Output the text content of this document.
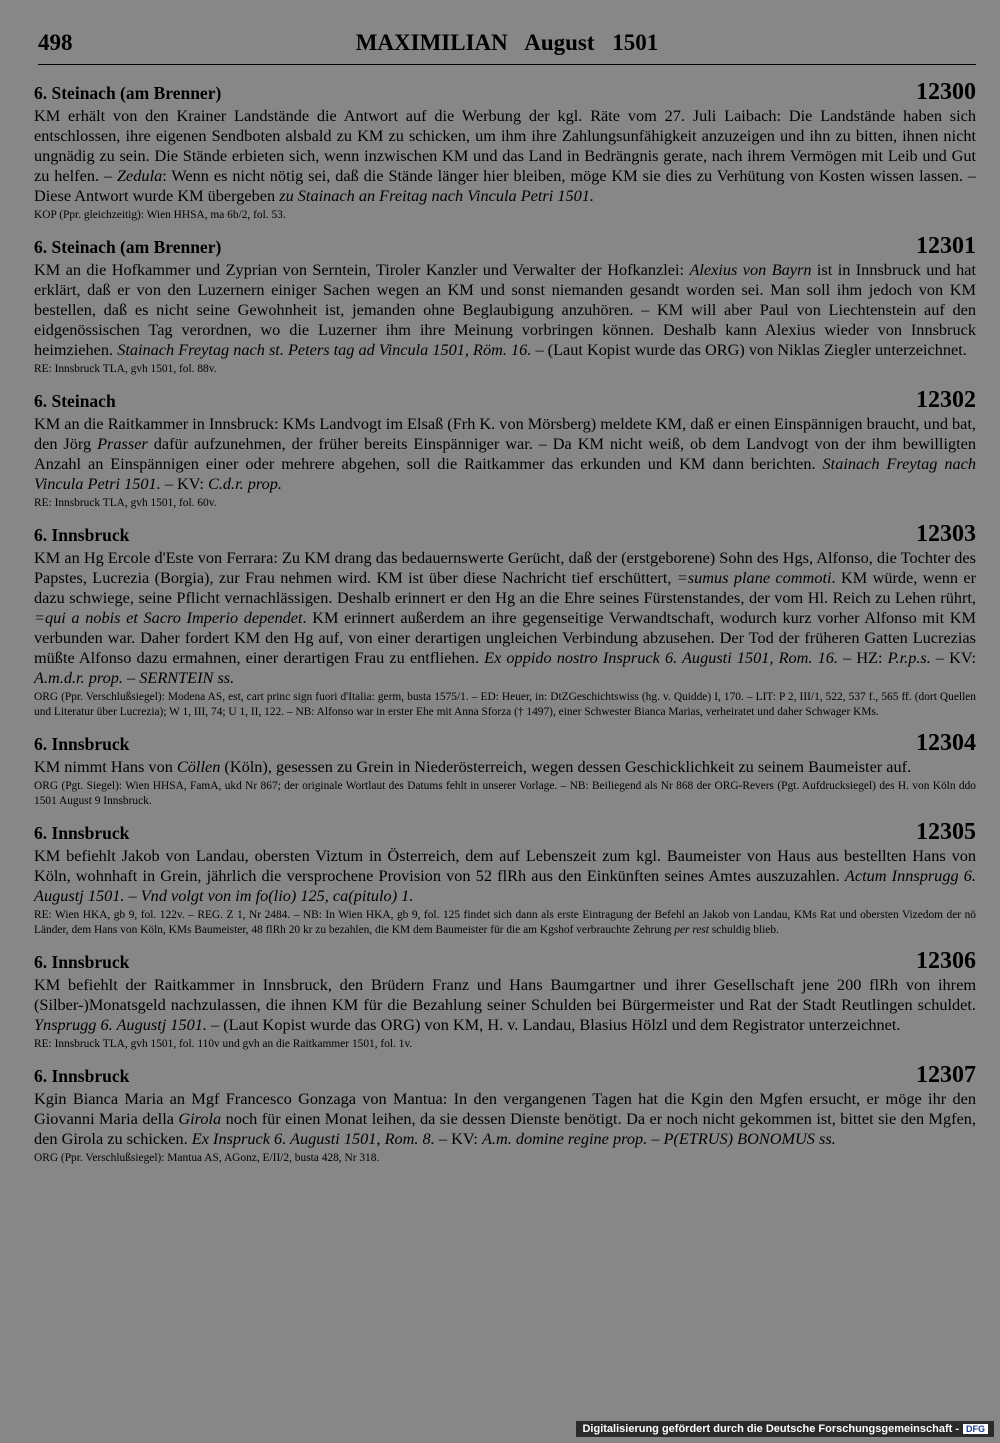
498	MAXIMILIAN August 1501
6. Steinach (am Brenner)	12300
KM erhält von den Krainer Landstände die Antwort auf die Werbung der kgl. Räte vom 27. Juli Laibach: Die Landstände haben sich entschlossen, ihre eigenen Sendboten alsbald zu KM zu schicken, um ihm ihre Zahlungsunfähigkeit anzuzeigen und ihn zu bitten, ihnen nicht ungnädig zu sein. Die Stände erbieten sich, wenn inzwischen KM und das Land in Bedrängnis gerate, nach ihrem Vermögen mit Leib und Gut zu helfen. – Zedula: Wenn es nicht nötig sei, daß die Stände länger hier bleiben, möge KM sie dies zu Verhütung von Kosten wissen lassen. – Diese Antwort wurde KM übergeben zu Stainach an Freitag nach Vincula Petri 1501.
KOP (Ppr. gleichzeitig): Wien HHSA, ma 6b/2, fol. 53.
6. Steinach (am Brenner)	12301
KM an die Hofkammer und Zyprian von Serntein, Tiroler Kanzler und Verwalter der Hofkanzlei: Alexius von Bayrn ist in Innsbruck und hat erklärt, daß er von den Luzernern einiger Sachen wegen an KM und sonst niemanden gesandt worden sei. Man soll ihm jedoch von KM bestellen, daß es nicht seine Gewohnheit ist, jemanden ohne Beglaubigung anzuhören. – KM will aber Paul von Liechtenstein auf den eidgenössischen Tag verordnen, wo die Luzerner ihm ihre Meinung vorbringen können. Deshalb kann Alexius wieder von Innsbruck heimziehen. Stainach Freytag nach st. Peters tag ad Vincula 1501, Röm. 16. – (Laut Kopist wurde das ORG) von Niklas Ziegler unterzeichnet.
RE: Innsbruck TLA, gvh 1501, fol. 88v.
6. Steinach	12302
KM an die Raitkammer in Innsbruck: KMs Landvogt im Elsaß (Frh K. von Mörsberg) meldete KM, daß er einen Einspännigen braucht, und bat, den Jörg Prasser dafür aufzunehmen, der früher bereits Einspänniger war. – Da KM nicht weiß, ob dem Landvogt von der ihm bewilligten Anzahl an Einspännigen einer oder mehrere abgehen, soll die Raitkammer das erkunden und KM dann berichten. Stainach Freytag nach Vincula Petri 1501. – KV: C.d.r. prop.
RE: Innsbruck TLA, gvh 1501, fol. 60v.
6. Innsbruck	12303
KM an Hg Ercole d'Este von Ferrara: Zu KM drang das bedauernswerte Gerücht, daß der (erstgeborene) Sohn des Hgs, Alfonso, die Tochter des Papstes, Lucrezia (Borgia), zur Frau nehmen wird. KM ist über diese Nachricht tief erschüttert, =sumus plane commoti. KM würde, wenn er dazu schwiege, seine Pflicht vernachlässigen. Deshalb erinnert er den Hg an die Ehre seines Fürstenstandes, der vom Hl. Reich zu Lehen rührt, =qui a nobis et Sacro Imperio dependet. KM erinnert außerdem an ihre gegenseitige Verwandtschaft, wodurch kurz vorher Alfonso mit KM verbunden war. Daher fordert KM den Hg auf, von einer derartigen ungleichen Verbindung abzusehen. Der Tod der früheren Gatten Lucrezias müßte Alfonso dazu ermahnen, einer derartigen Frau zu entfliehen. Ex oppido nostro Inspruck 6. Augusti 1501, Rom. 16. – HZ: P.r.p.s. – KV: A.m.d.r. prop. – SERNTEIN ss.
ORG (Ppr. Verschlußsiegel): Modena AS, est, cart princ sign fuori d'Italia: germ, busta 1575/1. – ED: Heuer, in: DtZGeschichtswiss (hg. v. Quidde) I, 170. – LIT: P 2, III/1, 522, 537 f., 565 ff. (dort Quellen und Literatur über Lucrezia); W 1, III, 74; U 1, II, 122. – NB: Alfonso war in erster Ehe mit Anna Sforza († 1497), einer Schwester Bianca Marias, verheiratet und daher Schwager KMs.
6. Innsbruck	12304
KM nimmt Hans von Cöllen (Köln), gesessen zu Grein in Niederösterreich, wegen dessen Geschicklichkeit zu seinem Baumeister auf.
ORG (Pgt. Siegel): Wien HHSA, FamA, ukd Nr 867; der originale Wortlaut des Datums fehlt in unserer Vorlage. – NB: Beiliegend als Nr 868 der ORG-Revers (Pgt. Aufdrucksiegel) des H. von Köln ddo 1501 August 9 Innsbruck.
6. Innsbruck	12305
KM befiehlt Jakob von Landau, obersten Viztum in Österreich, dem auf Lebenszeit zum kgl. Baumeister von Haus aus bestellten Hans von Köln, wohnhaft in Grein, jährlich die versprochene Provision von 52 flRh aus den Einkünften seines Amtes auszuzahlen. Actum Innsprugg 6. Augustj 1501. – Vnd volgt von im fo(lio) 125, ca(pitulo) 1.
RE: Wien HKA, gb 9, fol. 122v. – REG. Z 1, Nr 2484. – NB: In Wien HKA, gb 9, fol. 125 findet sich dann als erste Eintragung der Befehl an Jakob von Landau, KMs Rat und obersten Vizedom der nö Länder, dem Hans von Köln, KMs Baumeister, 48 flRh 20 kr zu bezahlen, die KM dem Baumeister für die am Kgshof verbrauchte Zehrung per rest schuldig blieb.
6. Innsbruck	12306
KM befiehlt der Raitkammer in Innsbruck, den Brüdern Franz und Hans Baumgartner und ihrer Gesellschaft jene 200 flRh von ihrem (Silber-)Monatsgeld nachzulassen, die ihnen KM für die Bezahlung seiner Schulden bei Bürgermeister und Rat der Stadt Reutlingen schuldet. Ynsprugg 6. Augustj 1501. – (Laut Kopist wurde das ORG) von KM, H. v. Landau, Blasius Hölzl und dem Registrator unterzeichnet.
RE: Innsbruck TLA, gvh 1501, fol. 110v und gvh an die Raitkammer 1501, fol. 1v.
6. Innsbruck	12307
Kgin Bianca Maria an Mgf Francesco Gonzaga von Mantua: In den vergangenen Tagen hat die Kgin den Mgfen ersucht, er möge ihr den Giovanni Maria della Girola noch für einen Monat leihen, da sie dessen Dienste benötigt. Da er noch nicht gekommen ist, bittet sie den Mgfen, den Girola zu schicken. Ex Inspruck 6. Augusti 1501, Rom. 8. – KV: A.m. domine regine prop. – P(ETRUS) BONOMUS ss.
ORG (Ppr. Verschlußsiegel): Mantua AS, AGonz, E/II/2, busta 428, Nr 318.
Digitalisierung gefördert durch die Deutsche Forschungsgemeinschaft - DFG
